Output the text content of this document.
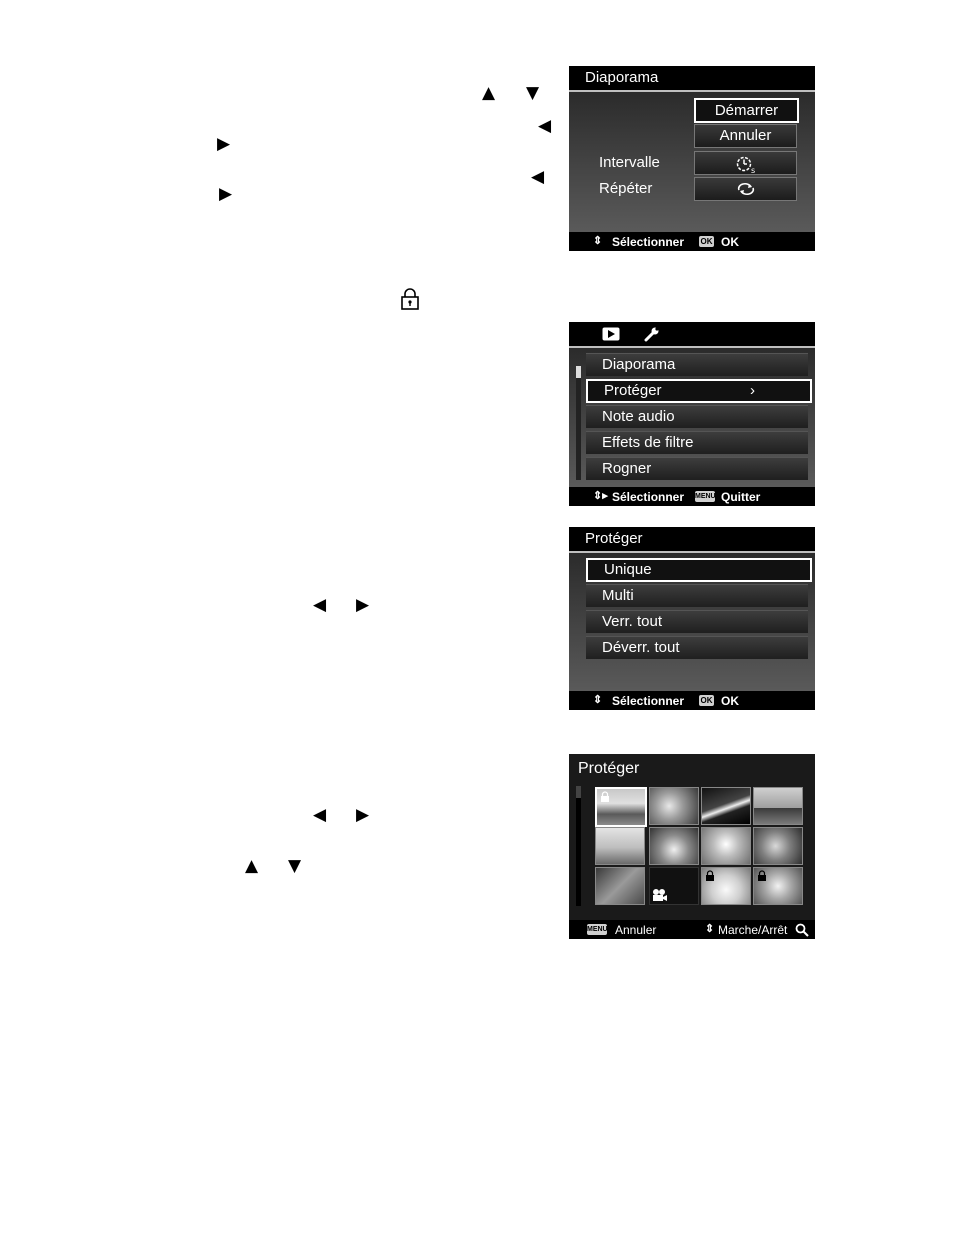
▲ ▼
◀
▶
◀
▶
◀ ▶
◀ ▶
▲ ▼
Diaporama
Démarrer
Annuler
Intervalle	s
Répéter
⇕ Sélectionner OK OK
Diaporama
Protéger	›
Note audio
Effets de filtre
Rogner
⇕▸ Sélectionner MENU Quitter
Protéger
Unique
Multi
Verr. tout
Déverr. tout
⇕ Sélectionner OK OK
Protéger
MENU Annuler	⇕ Marche/Arrêt
